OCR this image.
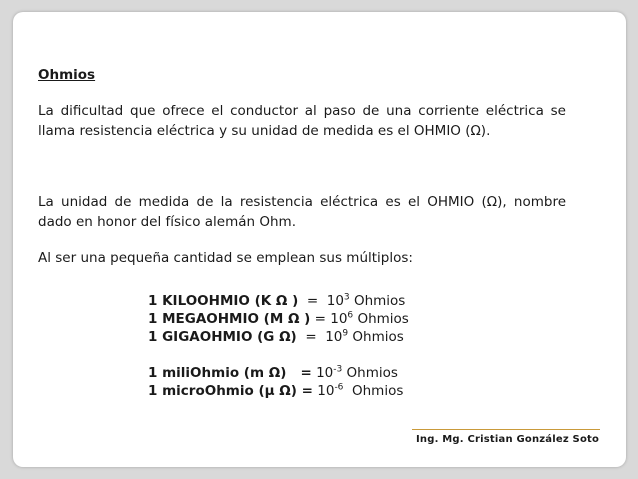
Ohmios
La dificultad que ofrece el conductor al paso de una corriente eléctrica se llama resistencia eléctrica y su unidad de medida es el OHMIO (Ω).
La unidad de medida de la resistencia eléctrica es el OHMIO (Ω), nombre dado en honor del físico alemán Ohm.
Al ser una pequeña cantidad se emplean sus múltiplos:
1 KILOOHMIO (K Ω )  =  $10^3$ Ohmios
1 MEGAOHMIO (M Ω ) = $10^6$ Ohmios
1 GIGAOHMIO (G $\Omega) = 10^9$ Ohmios
1 miliOhmio (m $\Omega) = 10^{-3}$ Ohmios
1 microOhmio (μ $\Omega) = 10^{-6}$  Ohmios
Ing. Mg. Cristian González Soto
